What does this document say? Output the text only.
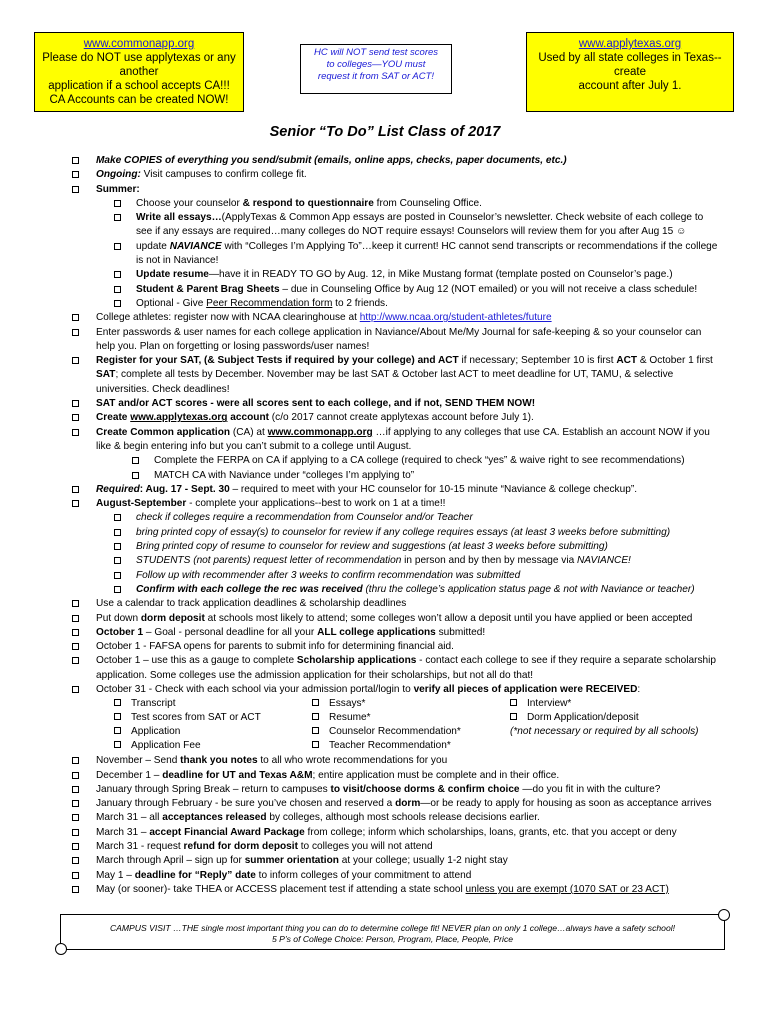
www.commonapp.org
Please do NOT use applytexas or any another
application if a school accepts CA!!!
CA Accounts can be created NOW!
HC will NOT send test scores
to colleges—YOU must
request it from SAT or ACT!
www.applytexas.org
Used by all state colleges in Texas--create
account after July 1.
Senior “To Do” List Class of 2017
Make COPIES of everything you send/submit (emails, online apps, checks, paper documents, etc.)
Ongoing: Visit campuses to confirm college fit.
Summer:
Choose your counselor & respond to questionnaire from Counseling Office.
Write all essays…(ApplyTexas & Common App essays are posted in Counselor’s newsletter. Check website of each college to see if any essays are required…many colleges do NOT require essays! Counselors will review them for you after Aug 15 ☺
update NAVIANCE with “Colleges I’m Applying To”…keep it current! HC cannot send transcripts or recommendations if the college is not in Naviance!
Update resume—have it in READY TO GO by Aug. 12, in Mike Mustang format (template posted on Counselor’s page.)
Student & Parent Brag Sheets – due in Counseling Office by Aug 12 (NOT emailed) or you will not receive a class schedule!
Optional - Give Peer Recommendation form to 2 friends.
College athletes: register now with NCAA clearinghouse at http://www.ncaa.org/student-athletes/future
Enter passwords & user names for each college application in Naviance/About Me/My Journal for safe-keeping & so your counselor can help you. Plan on forgetting or losing passwords/user names!
Register for your SAT, (& Subject Tests if required by your college) and ACT if necessary; September 10 is first ACT & October 1 first SAT; complete all tests by December. November may be last SAT & October last ACT to meet deadline for UT, TAMU, & selective universities. Check deadlines!
SAT and/or ACT scores - were all scores sent to each college, and if not, SEND THEM NOW!
Create www.applytexas.org account (c/o 2017 cannot create applytexas account before July 1).
Create Common application (CA) at www.commonapp.org …if applying to any colleges that use CA. Establish an account NOW if you like & begin entering info but you can’t submit to a college until August.
Complete the FERPA on CA if applying to a CA college (required to check “yes” & waive right to see recommendations)
MATCH CA with Naviance under “colleges I’m applying to”
Required: Aug. 17 - Sept. 30 – required to meet with your HC counselor for 10-15 minute “Naviance & college checkup”.
August-September - complete your applications--best to work on 1 at a time!!
check if colleges require a recommendation from Counselor and/or Teacher
bring printed copy of essay(s) to counselor for review if any college requires essays (at least 3 weeks before submitting)
Bring printed copy of resume to counselor for review and suggestions (at least 3 weeks before submitting)
STUDENTS (not parents) request letter of recommendation in person and by then by message via NAVIANCE!
Follow up with recommender after 3 weeks to confirm recommendation was submitted
Confirm with each college the rec was received (thru the college’s application status page & not with Naviance or teacher)
Use a calendar to track application deadlines & scholarship deadlines
Put down dorm deposit at schools most likely to attend; some colleges won’t allow a deposit until you have applied or been accepted
October 1 – Goal - personal deadline for all your ALL college applications submitted!
October 1 - FAFSA opens for parents to submit info for determining financial aid.
October 1 – use this as a gauge to complete Scholarship applications - contact each college to see if they require a separate scholarship application. Some colleges use the admission application for their scholarships, but not all do that!
October 31 - Check with each school via your admission portal/login to verify all pieces of application were RECEIVED:
Transcript
Test scores from SAT or ACT
Application
Application Fee
Essays*
Resume*
Counselor Recommendation*
Teacher Recommendation*
Interview*
Dorm Application/deposit
(*not necessary or required by all schools)
November – Send thank you notes to all who wrote recommendations for you
December 1 – deadline for UT and Texas A&M; entire application must be complete and in their office.
January through Spring Break – return to campuses to visit/choose dorms & confirm choice —do you fit in with the culture?
January through February - be sure you’ve chosen and reserved a dorm—or be ready to apply for housing as soon as acceptance arrives
March 31 – all acceptances released by colleges, although most schools release decisions earlier.
March 31 – accept Financial Award Package from college; inform which scholarships, loans, grants, etc. that you accept or deny
March 31 - request refund for dorm deposit to colleges you will not attend
March through April – sign up for summer orientation at your college; usually 1-2 night stay
May 1 – deadline for “Reply” date to inform colleges of your commitment to attend
May (or sooner)- take THEA or ACCESS placement test if attending a state school unless you are exempt (1070 SAT or 23 ACT)
CAMPUS VISIT …THE single most important thing you can do to determine college fit! NEVER plan on only 1 college…always have a safety school!
5 P’s of College Choice: Person, Program, Place, People, Price
